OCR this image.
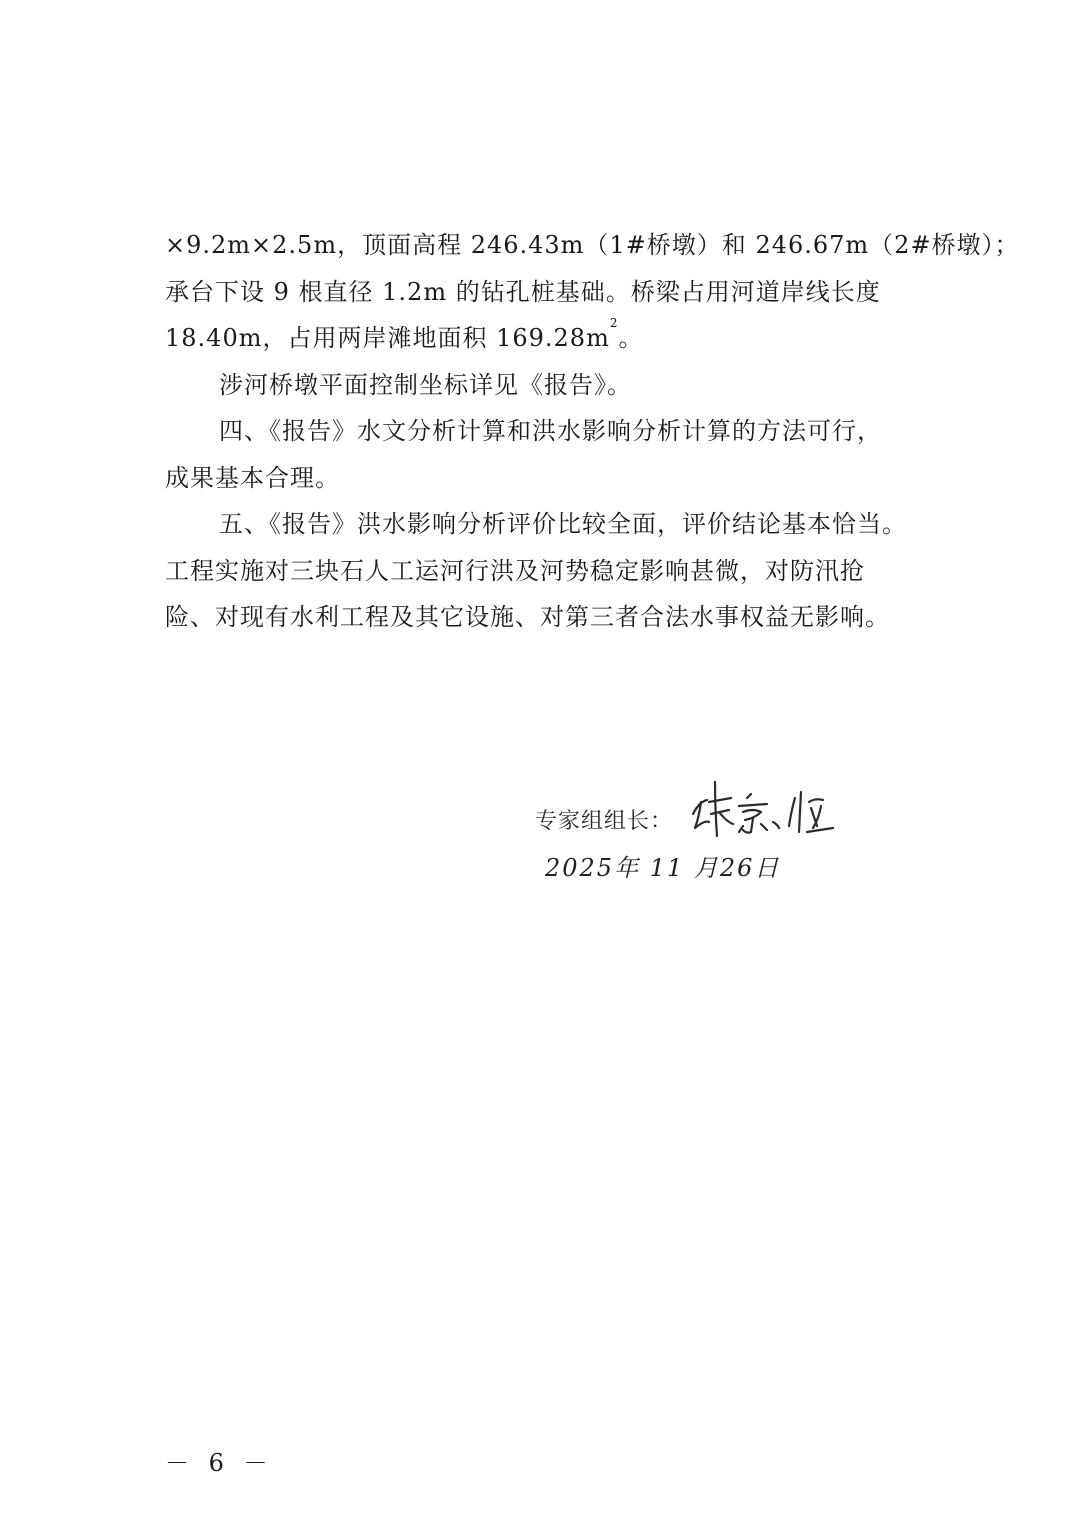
×9.2m×2.5m，顶面高程 246.43m（1#桥墩）和 246.67m（2#桥墩）；
承台下设 9 根直径 1.2m 的钻孔桩基础。桥梁占用河道岸线长度
18.40m，占用两岸滩地面积 $169.28m^2$。

涉河桥墩平面控制坐标详见《报告》。

四、《报告》水文分析计算和洪水影响分析计算的方法可行，
成果基本合理。

五、《报告》洪水影响分析评价比较全面，评价结论基本恰当。
工程实施对三块石人工运河行洪及河势稳定影响甚微，对防汛抢
险、对现有水利工程及其它设施、对第三者合法水事权益无影响。

专家组组长：
2025年 11 月26日
－ 6 －
